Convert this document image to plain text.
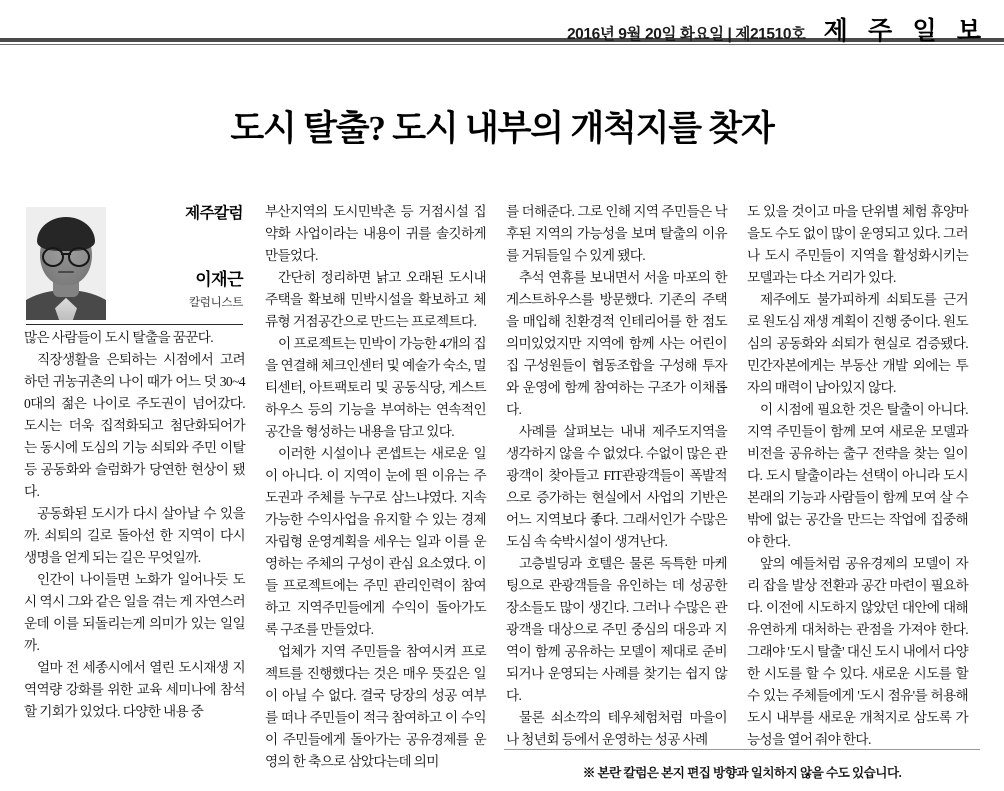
2016년 9월 20일 화요일 | 제21510호 제 주 일 보
도시 탈출? 도시 내부의 개척지를 찾자
제주칼럼
이재근
칼럼니스트

많은 사람들이 도시 탈출을 꿈꾼다.

직장생활을 은퇴하는 시점에서 고려하던 귀농귀촌의 나이 때가 어느 덧 30~40대의 젊은 나이로 주도권이 넘어갔다. 도시는 더욱 집적화되고 첨단화되어가는 동시에 도심의 기능 쇠퇴와 주민 이탈 등 공동화와 슬럼화가 당연한 현상이 됐다.

공동화된 도시가 다시 살아날 수 있을까. 쇠퇴의 길로 돌아선 한 지역이 다시 생명을 얻게 되는 길은 무엇일까.

인간이 나이들면 노화가 일어나듯 도시 역시 그와 같은 일을 겪는 게 자연스러운데 이를 되돌리는게 의미가 있는 일일까.

얼마 전 세종시에서 열린 도시재생 지역역량 강화를 위한 교육 세미나에 참석할 기회가 있었다. 다양한 내용 중

부산지역의 도시민박촌 등 거점시설 집약화 사업이라는 내용이 귀를 솔깃하게 만들었다.

간단히 정리하면 낡고 오래된 도시내 주택을 확보해 민박시설을 확보하고 체류형 거점공간으로 만드는 프로젝트다.

이 프로젝트는 민박이 가능한 4개의 집을 연결해 체크인센터 및 예술가 숙소, 멀티센터, 아트팩토리 및 공동식당, 게스트하우스 등의 기능을 부여하는 연속적인 공간을 형성하는 내용을 담고 있다.

이러한 시설이나 콘셉트는 새로운 일이 아니다. 이 지역이 눈에 띈 이유는 주도권과 주체를 누구로 삼느냐였다. 지속 가능한 수익사업을 유지할 수 있는 경제 자립형 운영계획을 세우는 일과 이를 운영하는 주체의 구성이 관심 요소였다. 이들 프로젝트에는 주민 관리인력이 참여하고 지역주민들에게 수익이 돌아가도록 구조를 만들었다.

업체가 지역 주민들을 참여시켜 프로젝트를 진행했다는 것은 매우 뜻깊은 일이 아닐 수 없다. 결국 당장의 성공 여부를 떠나 주민들이 적극 참여하고 이 수익이 주민들에게 돌아가는 공유경제를 운영의 한 축으로 삼았다는데 의미

를 더해준다. 그로 인해 지역 주민들은 낙후된 지역의 가능성을 보며 탈출의 이유를 거둬들일 수 있게 됐다.

추석 연휴를 보내면서 서울 마포의 한 게스트하우스를 방문했다. 기존의 주택을 매입해 친환경적 인테리어를 한 점도 의미있었지만 지역에 함께 사는 어린이집 구성원들이 협동조합을 구성해 투자와 운영에 함께 참여하는 구조가 이채롭다.

사례를 살펴보는 내내 제주도지역을 생각하지 않을 수 없었다. 수없이 많은 관광객이 찾아들고 FIT관광객들이 폭발적으로 증가하는 현실에서 사업의 기반은 어느 지역보다 좋다. 그래서인가 수많은 도심 속 숙박시설이 생겨난다.

고층빌딩과 호텔은 물론 독특한 마케팅으로 관광객들을 유인하는 데 성공한 장소들도 많이 생긴다. 그러나 수많은 관광객을 대상으로 주민 중심의 대응과 지역이 함께 공유하는 모델이 제대로 준비되거나 운영되는 사례를 찾기는 쉽지 않다.

물론 쇠소깍의 테우체험처럼 마을이나 청년회 등에서 운영하는 성공 사례

도 있을 것이고 마을 단위별 체험 휴양마을도 수도 없이 많이 운영되고 있다. 그러나 도시 주민들이 지역을 활성화시키는 모델과는 다소 거리가 있다.

제주에도 불가피하게 쇠퇴도를 근거로 원도심 재생 계획이 진행 중이다. 원도심의 공동화와 쇠퇴가 현실로 검증됐다. 민간자본에게는 부동산 개발 외에는 투자의 매력이 남아있지 않다.

이 시점에 필요한 것은 탈출이 아니다. 지역 주민들이 함께 모여 새로운 모델과 비전을 공유하는 출구 전략을 찾는 일이다. 도시 탈출이라는 선택이 아니라 도시 본래의 기능과 사람들이 함께 모여 살 수밖에 없는 공간을 만드는 작업에 집중해야 한다.

앞의 예들처럼 공유경제의 모델이 자리 잡을 발상 전환과 공간 마련이 필요하다. 이전에 시도하지 않았던 대안에 대해 유연하게 대처하는 관점을 가져야 한다. 그래야 '도시 탈출' 대신 도시 내에서 다양한 시도를 할 수 있다. 새로운 시도를 할 수 있는 주체들에게 '도시 점유'를 허용해 도시 내부를 새로운 개척지로 삼도록 가능성을 열어 줘야 한다.

※ 본란 칼럼은 본지 편집 방향과 일치하지 않을 수도 있습니다.
